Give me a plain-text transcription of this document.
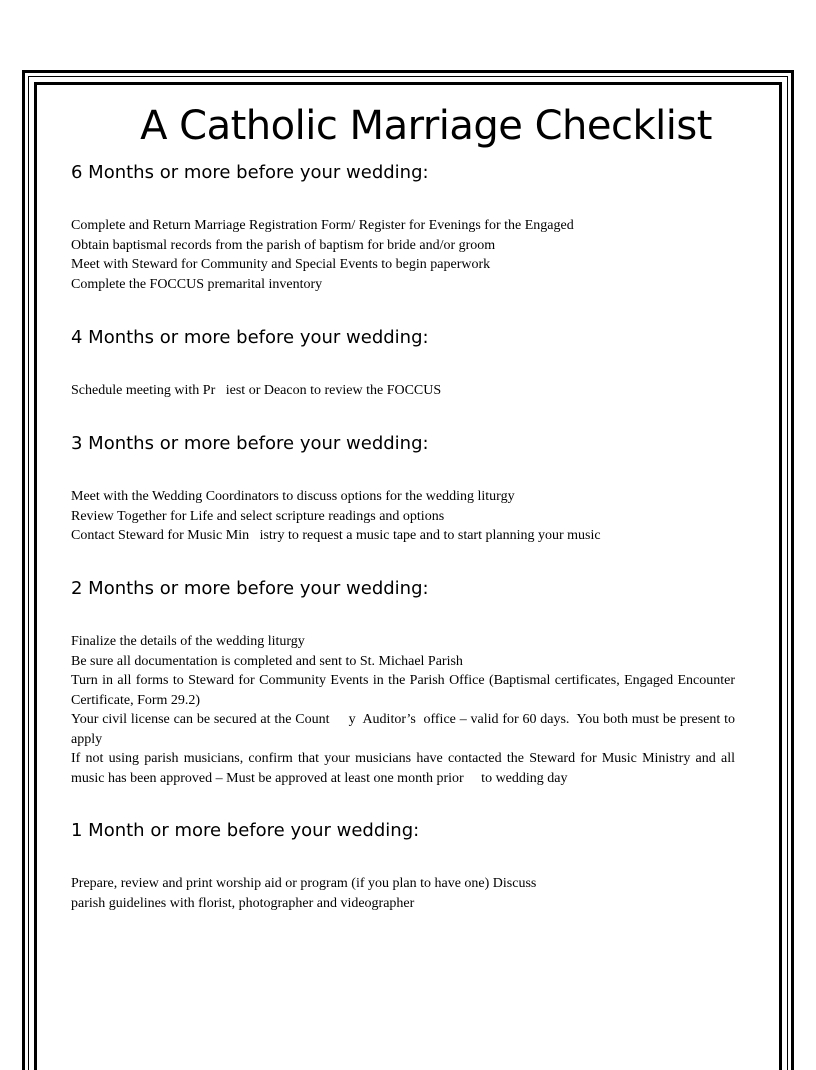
A Catholic Marriage Checklist
6 Months or more before your wedding:
Complete and Return Marriage Registration Form/ Register for Evenings for the Engaged
Obtain baptismal records from the parish of baptism for bride and/or groom
Meet with Steward for Community and Special Events to begin paperwork
Complete the FOCCUS premarital inventory
4 Months or more before your wedding:
Schedule meeting with Pr   iest or Deacon to review the FOCCUS
3 Months or more before your wedding:
Meet with the Wedding Coordinators to discuss options for the wedding liturgy
Review Together for Life and select scripture readings and options
Contact Steward for Music Min   istry to request a music tape and to start planning your music
2 Months or more before your wedding:
Finalize the details of the wedding liturgy
Be sure all documentation is completed and sent to St. Michael Parish
Turn in all forms to Steward for Community Events in the Parish Office (Baptismal certificates, Engaged Encounter Certificate, Form 29.2)
Your civil license can be secured at the Count     y  Auditor’s  office – valid for 60 days.  You both must be present to apply
If not using parish musicians, confirm that your musicians have contacted the Steward for Music Ministry and all music has been approved – Must be approved at least one month prior     to wedding day
1 Month or more before your wedding:
Prepare, review and print worship aid or program (if you plan to have one) Discuss
parish guidelines with florist, photographer and videographer
